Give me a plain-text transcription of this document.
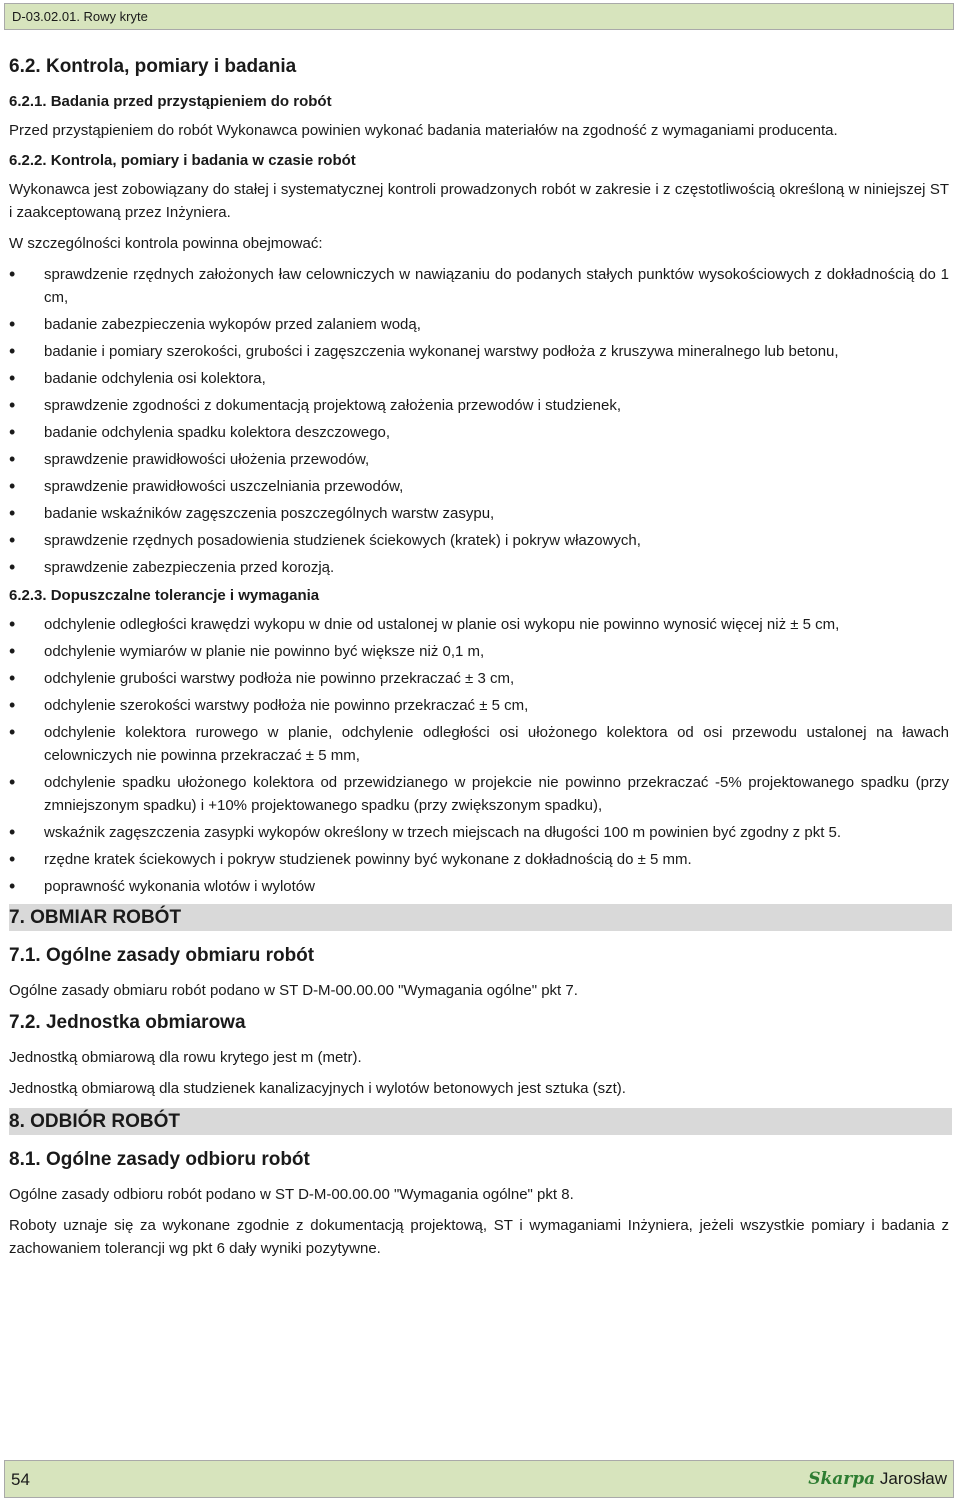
D-03.02.01. Rowy kryte
6.2. Kontrola, pomiary i badania
6.2.1. Badania przed przystąpieniem do robót

Przed przystąpieniem do robót Wykonawca powinien wykonać badania materiałów na zgodność z wymaganiami producenta.

6.2.2. Kontrola, pomiary i badania w czasie robót

Wykonawca jest zobowiązany do stałej i systematycznej kontroli prowadzonych robót w zakresie i z częstotliwością określoną w niniejszej ST i zaakceptowaną przez Inżyniera.

W szczególności kontrola powinna obejmować:

• sprawdzenie rzędnych założonych ław celowniczych w nawiązaniu do podanych stałych punktów wysokościowych z dokładnością do 1 cm,
• badanie zabezpieczenia wykopów przed zalaniem wodą,
• badanie i pomiary szerokości, grubości i zagęszczenia wykonanej warstwy podłoża z kruszywa mineralnego lub betonu,
• badanie odchylenia osi kolektora,
• sprawdzenie zgodności z dokumentacją projektową założenia przewodów i studzienek,
• badanie odchylenia spadku kolektora deszczowego,
• sprawdzenie prawidłowości ułożenia przewodów,
• sprawdzenie prawidłowości uszczelniania przewodów,
• badanie wskaźników zagęszczenia poszczególnych warstw zasypu,
• sprawdzenie rzędnych posadowienia studzienek ściekowych (kratek) i pokryw włazowych,
• sprawdzenie zabezpieczenia przed korozją.
6.2.3. Dopuszczalne tolerancje i wymagania
• odchylenie odległości krawędzi wykopu w dnie od ustalonej w planie osi wykopu nie powinno wynosić więcej niż ± 5 cm,
• odchylenie wymiarów w planie nie powinno być większe niż 0,1 m,
• odchylenie grubości warstwy podłoża nie powinno przekraczać ± 3 cm,
• odchylenie szerokości warstwy podłoża nie powinno przekraczać ± 5 cm,
• odchylenie kolektora rurowego w planie, odchylenie odległości osi ułożonego kolektora od osi przewodu ustalonej na ławach celowniczych nie powinna przekraczać ± 5 mm,
• odchylenie spadku ułożonego kolektora od przewidzianego w projekcie nie powinno przekraczać -5% projektowanego spadku (przy zmniejszonym spadku) i +10% projektowanego spadku (przy zwiększonym spadku),
• wskaźnik zagęszczenia zasypki wykopów określony w trzech miejscach na długości 100 m powinien być zgodny z pkt 5.
• rzędne kratek ściekowych i pokryw studzienek powinny być wykonane z dokładnością do ± 5 mm.
• poprawność wykonania wlotów i wylotów
7. OBMIAR ROBÓT
7.1. Ogólne zasady obmiaru robót

Ogólne zasady obmiaru robót podano w ST D-M-00.00.00 "Wymagania ogólne" pkt 7.

7.2. Jednostka obmiarowa

Jednostką obmiarową dla rowu krytego jest m (metr).

Jednostką obmiarową dla studzienek kanalizacyjnych i wylotów betonowych jest sztuka (szt).

8. ODBIÓR ROBÓT
8.1. Ogólne zasady odbioru robót

Ogólne zasady odbioru robót podano w ST D-M-00.00.00 "Wymagania ogólne" pkt 8.

Roboty uznaje się za wykonane zgodnie z dokumentacją projektową, ST i wymaganiami Inżyniera, jeżeli wszystkie pomiary i badania z zachowaniem tolerancji wg pkt 6 dały wyniki pozytywne.

54	Skarpa Jarosław
